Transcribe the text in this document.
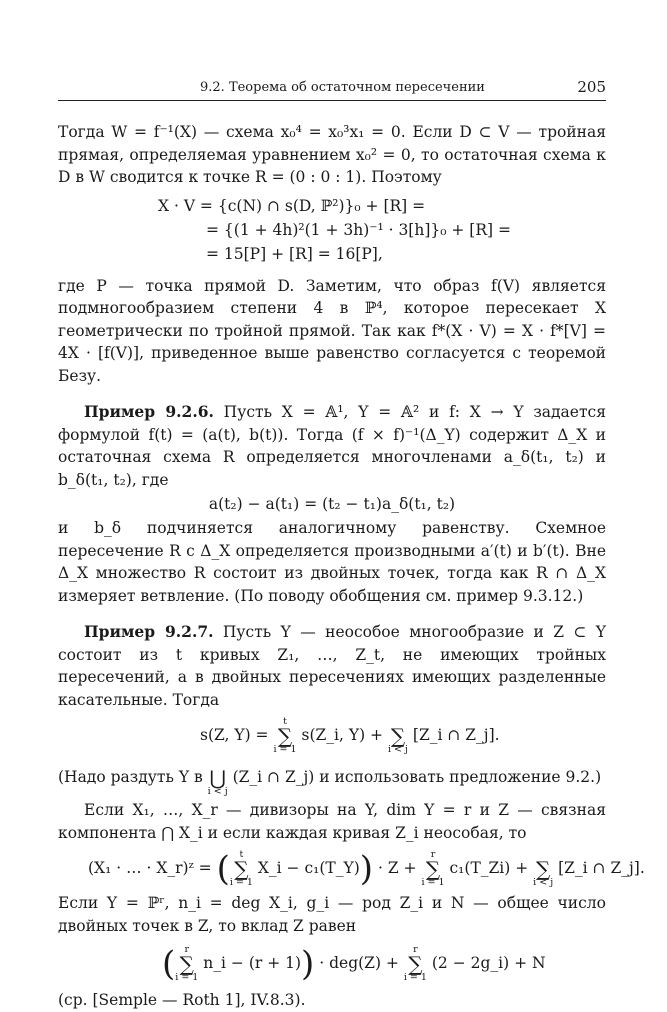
9.2. Теорема об остаточном пересечении	205

Тогда W = f⁻¹(X) — схема x₀⁴ = x₀³x₁ = 0. Если D ⊂ V — тройная прямая, определяемая уравнением x₀² = 0, то остаточная схема к D в W сводится к точке R = (0 : 0 : 1). Поэтому

X · V = {c(N) ∩ s(D, ℙ²)}₀ + [R] =
= {(1 + 4h)²(1 + 3h)⁻¹ · 3[h]}₀ + [R] =
= 15[P] + [R] = 16[P],

где P — точка прямой D. Заметим, что образ f(V) является подмногообразием степени 4 в ℙ⁴, которое пересекает X геометрически по тройной прямой. Так как f*(X · V) = X · f*[V] = 4X · [f(V)], приведенное выше равенство согласуется с теоремой Безу.

Пример 9.2.6. Пусть X = 𝔸¹, Y = 𝔸² и f: X → Y задается формулой f(t) = (a(t), b(t)). Тогда (f × f)⁻¹(Δ_Y) содержит Δ_X и остаточная схема R определяется многочленами a_δ(t₁, t₂) и b_δ(t₁, t₂), где

a(t₂) − a(t₁) = (t₂ − t₁)a_δ(t₁, t₂)

и b_δ подчиняется аналогичному равенству. Схемное пересечение R с Δ_X определяется производными a′(t) и b′(t). Вне Δ_X множество R состоит из двойных точек, тогда как R ∩ Δ_X измеряет ветвление. (По поводу обобщения см. пример 9.3.12.)

Пример 9.2.7. Пусть Y — неособое многообразие и Z ⊂ Y состоит из t кривых Z₁, …, Z_t, не имеющих тройных пересечений, а в двойных пересечениях имеющих разделенные касательные. Тогда

s(Z, Y) =
t
∑
i = 1
s(Z_i, Y) +
∑
i < j
[Z_i ∩ Z_j].

(Надо раздуть Y в
⋃
i < j
(Z_i ∩ Z_j) и использовать предложение 9.2.)

Если X₁, …, X_r — дивизоры на Y, dim Y = r и Z — связная компонента ⋂ X_i и если каждая кривая Z_i неособая, то

(X₁ · … · X_r)ᶻ = (	t
∑
i = 1
X_i − c₁(T_Y)) · Z +
r
∑
i = 1
c₁(T_Zi) +
∑
i < j
[Z_i ∩ Z_j].

Если Y = ℙʳ, n_i = deg X_i, g_i — род Z_i и N — общее число двойных точек в Z, то вклад Z равен

( r
∑
i = 1
n_i − (r + 1)) · deg(Z) +
r
∑
i = 1
(2 − 2g_i) + N

(ср. [Semple — Roth 1], IV.8.3).
